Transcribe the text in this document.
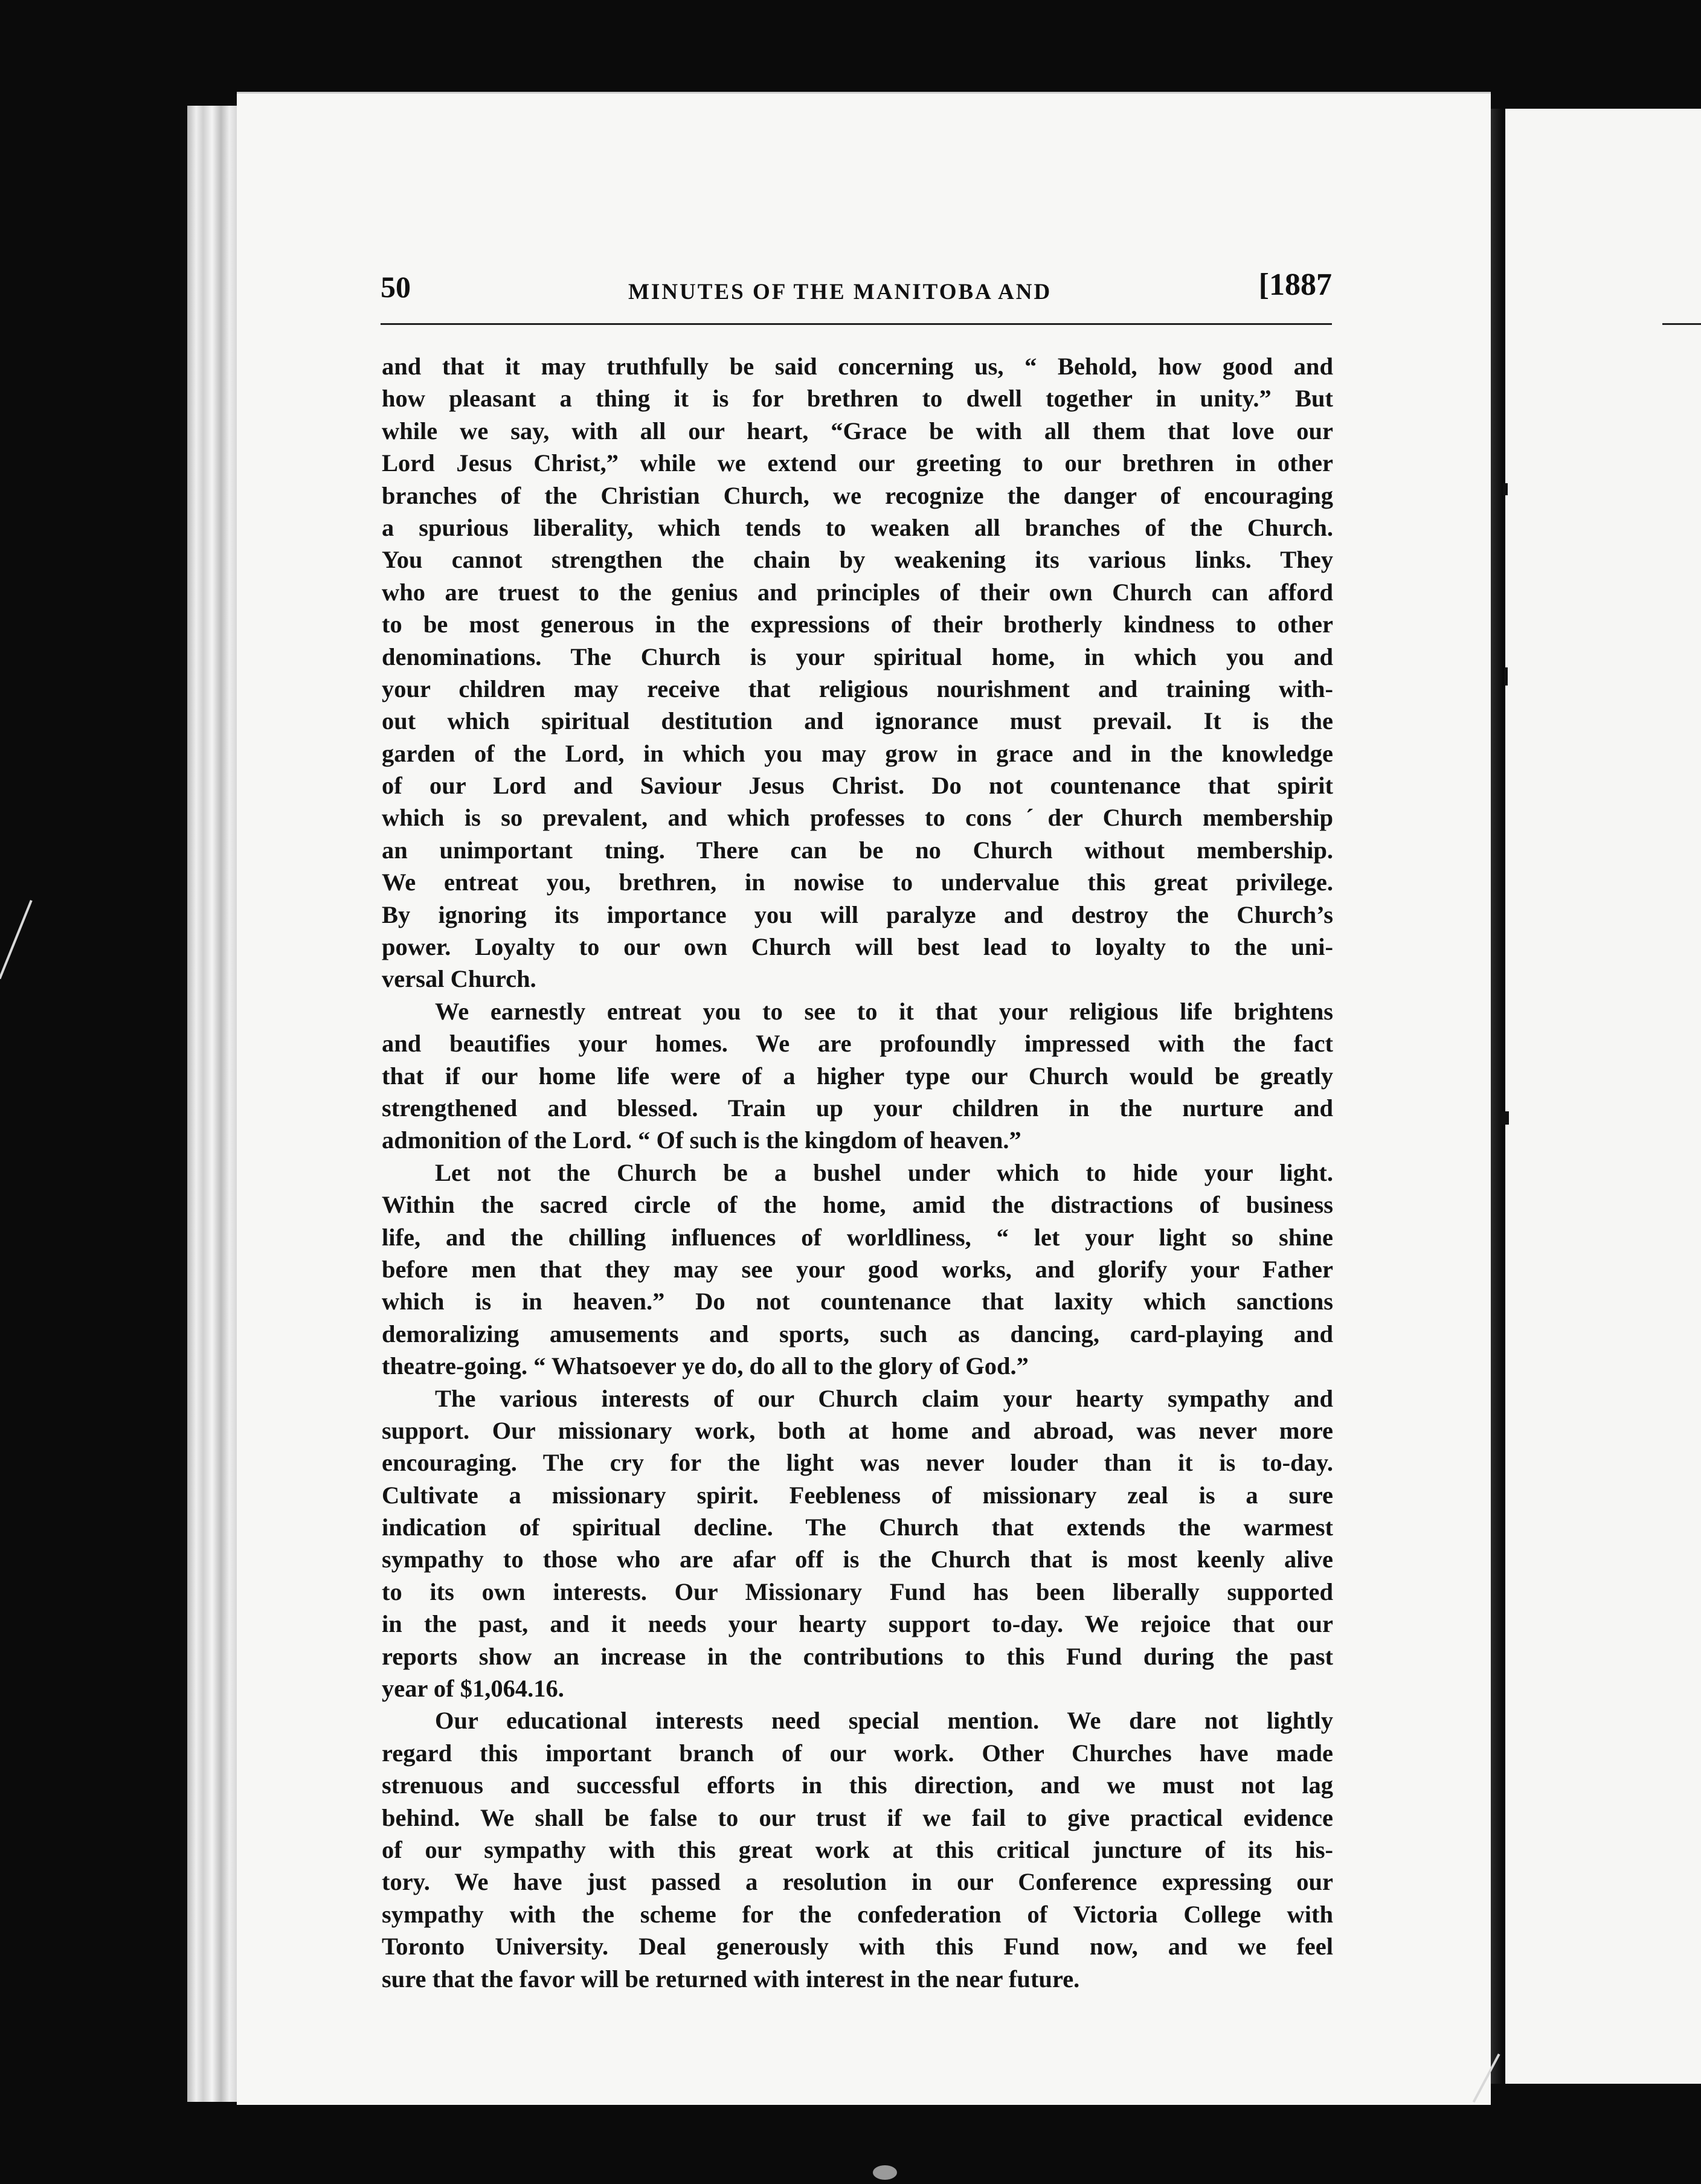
50	MINUTES OF THE MANITOBA AND	[1887
and that it may truthfully be said concerning us, “ Behold, how good and
how pleasant a thing it is for brethren to dwell together in unity.” But
while we say, with all our heart, “Grace be with all them that love our
Lord Jesus Christ,” while we extend our greeting to our brethren in other
branches of the Christian Church, we recognize the danger of encouraging
a spurious liberality, which tends to weaken all branches of the Church.
You cannot strengthen the chain by weakening its various links. They
who are truest to the genius and principles of their own Church can afford
to be most generous in the expressions of their brotherly kindness to other
denominations. The Church is your spiritual home, in which you and
your children may receive that religious nourishment and training with-
out which spiritual destitution and ignorance must prevail. It is the
garden of the Lord, in which you may grow in grace and in the knowledge
of our Lord and Saviour Jesus Christ. Do not countenance that spirit
which is so prevalent, and which professes to consˊder Church membership
an unimportant tning. There can be no Church without membership.
We entreat you, brethren, in nowise to undervalue this great privilege.
By ignoring its importance you will paralyze and destroy the Church’s
power. Loyalty to our own Church will best lead to loyalty to the uni-
versal Church.
We earnestly entreat you to see to it that your religious life brightens
and beautifies your homes. We are profoundly impressed with the fact
that if our home life were of a higher type our Church would be greatly
strengthened and blessed. Train up your children in the nurture and
admonition of the Lord. “ Of such is the kingdom of heaven.”
Let not the Church be a bushel under which to hide your light.
Within the sacred circle of the home, amid the distractions of business
life, and the chilling influences of worldliness, “ let your light so shine
before men that they may see your good works, and glorify your Father
which is in heaven.” Do not countenance that laxity which sanctions
demoralizing amusements and sports, such as dancing, card-playing and
theatre-going. “ Whatsoever ye do, do all to the glory of God.”
The various interests of our Church claim your hearty sympathy and
support. Our missionary work, both at home and abroad, was never more
encouraging. The cry for the light was never louder than it is to-day.
Cultivate a missionary spirit. Feebleness of missionary zeal is a sure
indication of spiritual decline. The Church that extends the warmest
sympathy to those who are afar off is the Church that is most keenly alive
to its own interests. Our Missionary Fund has been liberally supported
in the past, and it needs your hearty support to-day. We rejoice that our
reports show an increase in the contributions to this Fund during the past
year of $1,064.16.
Our educational interests need special mention. We dare not lightly
regard this important branch of our work. Other Churches have made
strenuous and successful efforts in this direction, and we must not lag
behind. We shall be false to our trust if we fail to give practical evidence
of our sympathy with this great work at this critical juncture of its his-
tory. We have just passed a resolution in our Conference expressing our
sympathy with the scheme for the confederation of Victoria College with
Toronto University. Deal generously with this Fund now, and we feel
sure that the favor will be returned with interest in the near future.
